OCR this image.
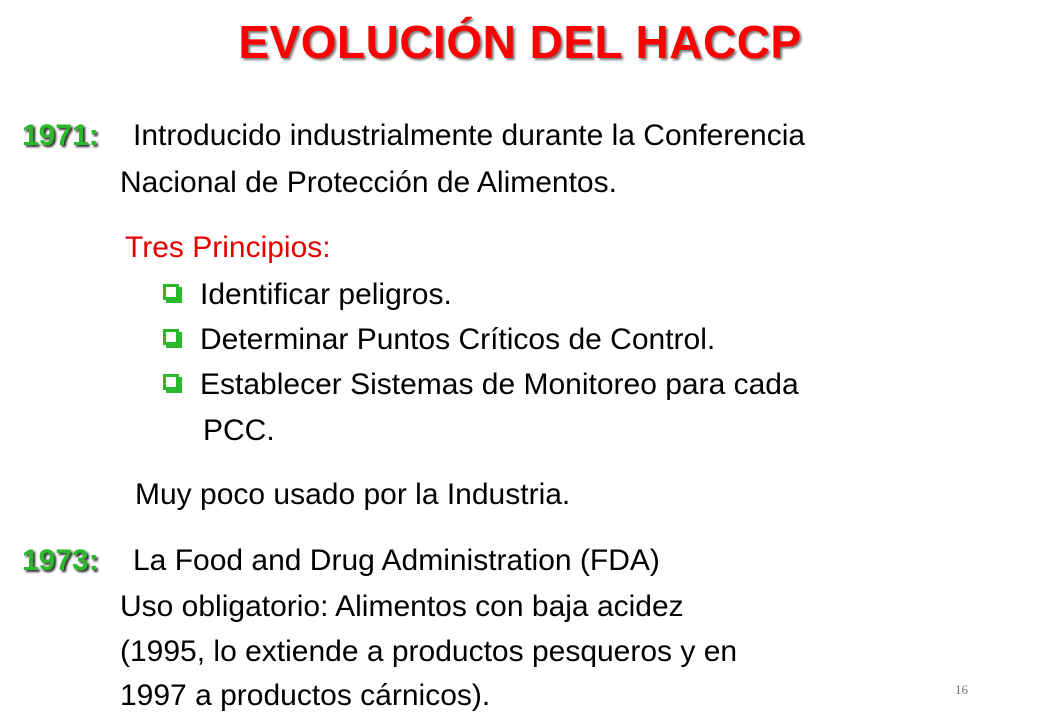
EVOLUCIÓN DEL HACCP
1971: Introducido industrialmente durante la Conferencia
Nacional de Protección de Alimentos.
Tres Principios:
Identificar peligros.
Determinar Puntos Críticos de Control.
Establecer Sistemas de Monitoreo para cada
PCC.
Muy poco usado por la Industria.
1973: La Food and Drug Administration (FDA)
Uso obligatorio: Alimentos con baja acidez
(1995, lo extiende a productos pesqueros y en
1997 a productos cárnicos).	16
